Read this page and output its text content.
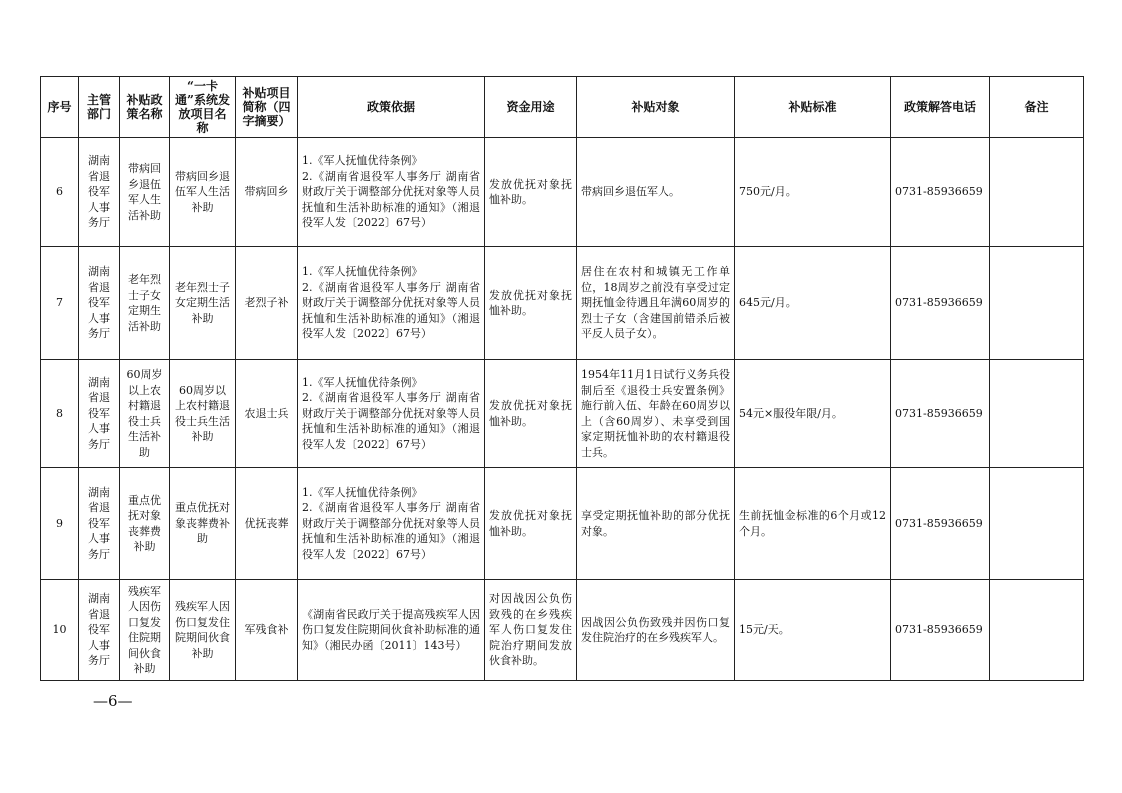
序号	主管部门	补贴政策名称	“一卡通”系统发放项目名称	补贴项目简称（四字摘要）	政策依据	资金用途	补贴对象	补贴标准	政策解答电话	备注
6	湖南省退役军人事务厅	带病回乡退伍军人生活补助	带病回乡退伍军人生活补助	带病回乡	1.《军人抚恤优待条例》
2.《湖南省退役军人事务厅 湖南省财政厅关于调整部分优抚对象等人员抚恤和生活补助标准的通知》（湘退役军人发〔2022〕67号）	发放优抚对象抚恤补助。	带病回乡退伍军人。	750元/月。	0731-85936659	
7	湖南省退役军人事务厅	老年烈士子女定期生活补助	老年烈士子女定期生活补助	老烈子补	1.《军人抚恤优待条例》
2.《湖南省退役军人事务厅 湖南省财政厅关于调整部分优抚对象等人员抚恤和生活补助标准的通知》（湘退役军人发〔2022〕67号）	发放优抚对象抚恤补助。	居住在农村和城镇无工作单位，18周岁之前没有享受过定期抚恤金待遇且年满60周岁的烈士子女（含建国前错杀后被平反人员子女）。	645元/月。	0731-85936659	
8	湖南省退役军人事务厅	60周岁以上农村籍退役士兵生活补助	60周岁以上农村籍退役士兵生活补助	农退士兵	1.《军人抚恤优待条例》
2.《湖南省退役军人事务厅 湖南省财政厅关于调整部分优抚对象等人员抚恤和生活补助标准的通知》（湘退役军人发〔2022〕67号）	发放优抚对象抚恤补助。	1954年11月1日试行义务兵役制后至《退役士兵安置条例》施行前入伍、年龄在60周岁以上（含60周岁）、未享受到国家定期抚恤补助的农村籍退役士兵。	54元×服役年限/月。	0731-85936659	
9	湖南省退役军人事务厅	重点优抚对象丧葬费补助	重点优抚对象丧葬费补助	优抚丧葬	1.《军人抚恤优待条例》
2.《湖南省退役军人事务厅 湖南省财政厅关于调整部分优抚对象等人员抚恤和生活补助标准的通知》（湘退役军人发〔2022〕67号）	发放优抚对象抚恤补助。	享受定期抚恤补助的部分优抚对象。	生前抚恤金标准的6个月或12个月。	0731-85936659	
10	湖南省退役军人事务厅	残疾军人因伤口复发住院期间伙食补助	残疾军人因伤口复发住院期间伙食补助	军残食补	《湖南省民政厅关于提高残疾军人因伤口复发住院期间伙食补助标准的通知》（湘民办函〔2011〕143号）	对因战因公负伤致残的在乡残疾军人伤口复发住院治疗期间发放伙食补助。	因战因公负伤致残并因伤口复发住院治疗的在乡残疾军人。	15元/天。	0731-85936659	
—6—
